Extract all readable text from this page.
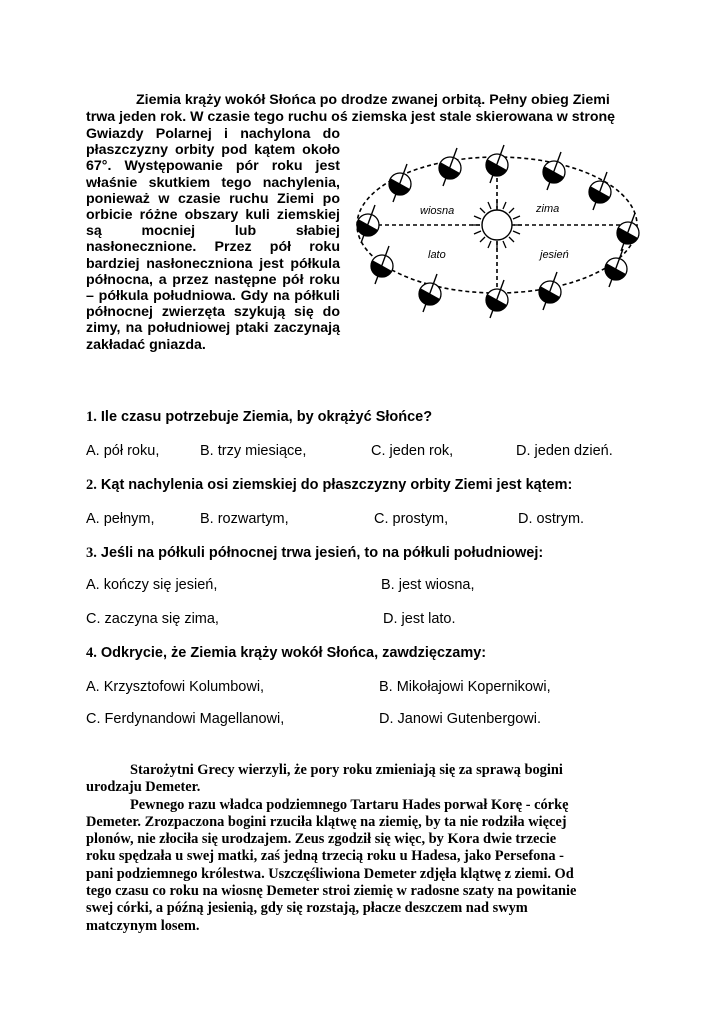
Ziemia krąży wokół Słońca po drodze zwanej orbitą. Pełny obieg Ziemi
trwa jeden rok. W czasie tego ruchu oś ziemska jest stale skierowana w stronę
Gwiazdy Polarnej i nachylona do płaszczyzny orbity pod kątem około 67°. Występowanie pór roku jest właśnie skutkiem tego nachylenia, ponieważ w czasie ruchu Ziemi po orbicie różne obszary kuli ziemskiej są mocniej lub słabiej nasłonecznione. Przez pół roku bardziej nasłoneczniona jest półkula północna, a przez następne pół roku – półkula południowa. Gdy na półkuli północnej zwierzęta szykują się do zimy, na południowej ptaki zaczynają zakładać gniazda.
wiosna	zima
lato	jesień
1. Ile czasu potrzebuje Ziemia, by okrążyć Słońce?
A. pół roku,	B. trzy miesiące,	C. jeden rok,	D. jeden dzień.
2. Kąt nachylenia osi ziemskiej do płaszczyzny orbity Ziemi jest kątem:
A. pełnym,	B. rozwartym,	C. prostym,	D. ostrym.
3. Jeśli na półkuli północnej trwa jesień, to na półkuli południowej:
A. kończy się jesień,	B. jest wiosna,
C. zaczyna się zima,	D. jest lato.
4. Odkrycie, że Ziemia krąży wokół Słońca, zawdzięczamy:
A. Krzysztofowi Kolumbowi,	B. Mikołajowi Kopernikowi,
C. Ferdynandowi Magellanowi,	D. Janowi Gutenbergowi.

Starożytni Grecy wierzyli, że pory roku zmieniają się za sprawą bogini urodzaju Demeter.

Pewnego razu władca podziemnego Tartaru Hades porwał Korę - córkę Demeter. Zrozpaczona bogini rzuciła klątwę na ziemię, by ta nie rodziła więcej plonów, nie złociła się urodzajem. Zeus zgodził się więc, by Kora dwie trzecie roku spędzała u swej matki, zaś jedną trzecią roku u Hadesa, jako Persefona - pani podziemnego królestwa. Uszczęśliwiona Demeter zdjęła klątwę z ziemi. Od tego czasu co roku na wiosnę Demeter stroi ziemię w radosne szaty na powitanie swej córki, a późną jesienią, gdy się rozstają, płacze deszczem nad swym matczynym losem.
